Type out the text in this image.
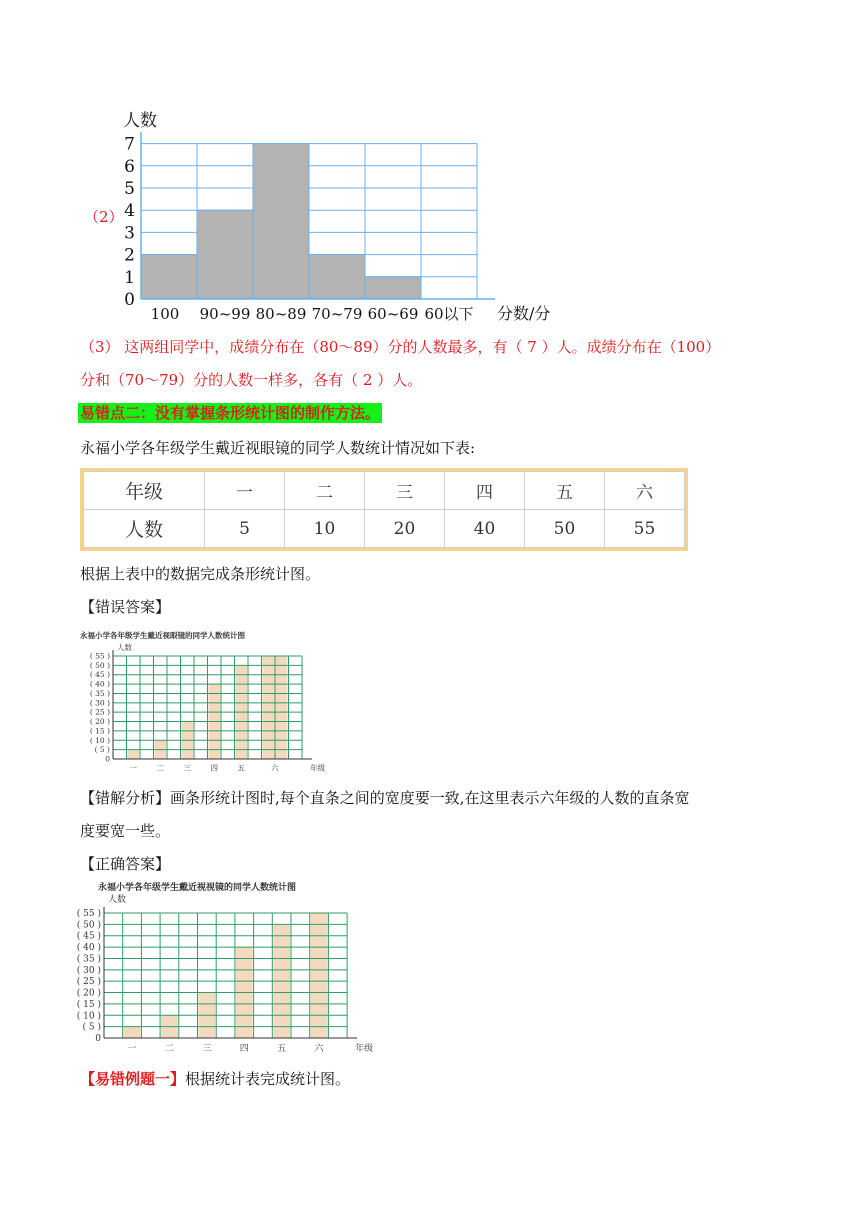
（2）
0
1
2
3
4
5
6
7
人数
100 90~99 80~89 70~79 60~69 60以下 分数/分
（3） 这两组同学中，成绩分布在（80～89）分的人数最多，有（ 7 ）人。成绩分布在（100）
分和（70～79）分的人数一样多，各有（ 2 ）人。
易错点二：没有掌握条形统计图的制作方法。
永福小学各年级学生戴近视眼镜的同学人数统计情况如下表:
年级	一	二	三	四	五	六
人数	5	10	20	40	50	55
根据上表中的数据完成条形统计图。
【错误答案】
永福小学各年级学生戴近视眼镜的同学人数统计图
人数
0
( 5 )
( 10 )
( 15 )
( 20 )
( 25 )
( 30 )
( 35 )
( 40 )
( 45 )
( 50 )
( 55 )
一	二	三	四	五	六	年级
【错解分析】画条形统计图时,每个直条之间的宽度要一致,在这里表示六年级的人数的直条宽
度要宽一些。
【正确答案】
永福小学各年级学生戴近视视镜的同学人数统计图
人数
0
( 5 )
( 10 )
( 15 )
( 20 )
( 25 )
( 30 )
( 35 )
( 40 )
( 45 )
( 50 )
( 55 )
一	二	三	四	五	六	年级
【易错例题一】根据统计表完成统计图。
